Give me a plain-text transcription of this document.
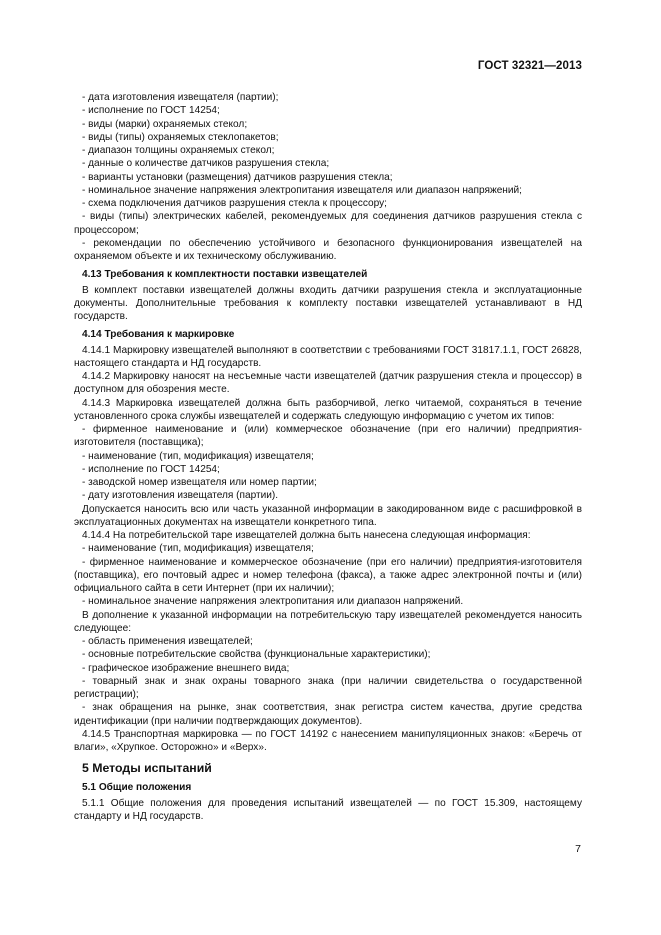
ГОСТ 32321—2013

- дата изготовления извещателя (партии);

- исполнение по ГОСТ 14254;

- виды (марки) охраняемых стекол;

- виды (типы) охраняемых стеклопакетов;

- диапазон толщины охраняемых стекол;

- данные о количестве датчиков разрушения стекла;

- варианты установки (размещения) датчиков разрушения стекла;

- номинальное значение напряжения электропитания извещателя или диапазон напряжений;

- схема подключения датчиков разрушения стекла к процессору;

- виды (типы) электрических кабелей, рекомендуемых для соединения датчиков разрушения стекла с процессором;

- рекомендации по обеспечению устойчивого и безопасного функционирования извещателей на охраняемом объекте и их техническому обслуживанию.

4.13 Требования к комплектности поставки извещателей

В комплект поставки извещателей должны входить датчики разрушения стекла и эксплуатационные документы. Дополнительные требования к комплекту поставки извещателей устанавливают в НД государств.

4.14 Требования к маркировке

4.14.1 Маркировку извещателей выполняют в соответствии с требованиями ГОСТ 31817.1.1, ГОСТ 26828, настоящего стандарта и НД государств.

4.14.2 Маркировку наносят на несъемные части извещателей (датчик разрушения стекла и процессор) в доступном для обозрения месте.

4.14.3 Маркировка извещателей должна быть разборчивой, легко читаемой, сохраняться в течение установленного срока службы извещателей и содержать следующую информацию с учетом их типов:

- фирменное наименование и (или) коммерческое обозначение (при его наличии) предприятия-изготовителя (поставщика);

- наименование (тип, модификация) извещателя;

- исполнение по ГОСТ 14254;

- заводской номер извещателя или номер партии;

- дату изготовления извещателя (партии).

Допускается наносить всю или часть указанной информации в закодированном виде с расшифровкой в эксплуатационных документах на извещатели конкретного типа.

4.14.4 На потребительской таре извещателей должна быть нанесена следующая информация:

- наименование (тип, модификация) извещателя;

- фирменное наименование и коммерческое обозначение (при его наличии) предприятия-изготовителя (поставщика), его почтовый адрес и номер телефона (факса), а также адрес электронной почты и (или) официального сайта в сети Интернет (при их наличии);

- номинальное значение напряжения электропитания или диапазон напряжений.

В дополнение к указанной информации на потребительскую тару извещателей рекомендуется наносить следующее:

- область применения извещателей;

- основные потребительские свойства (функциональные характеристики);

- графическое изображение внешнего вида;

- товарный знак и знак охраны товарного знака (при наличии свидетельства о государственной регистрации);

- знак обращения на рынке, знак соответствия, знак регистра систем качества, другие средства идентификации (при наличии подтверждающих документов).

4.14.5 Транспортная маркировка — по ГОСТ 14192 с нанесением манипуляционных знаков: «Беречь от влаги», «Хрупкое. Осторожно» и «Верх».

5 Методы испытаний

5.1 Общие положения

5.1.1 Общие положения для проведения испытаний извещателей — по ГОСТ 15.309, настоящему стандарту и НД государств.

7
